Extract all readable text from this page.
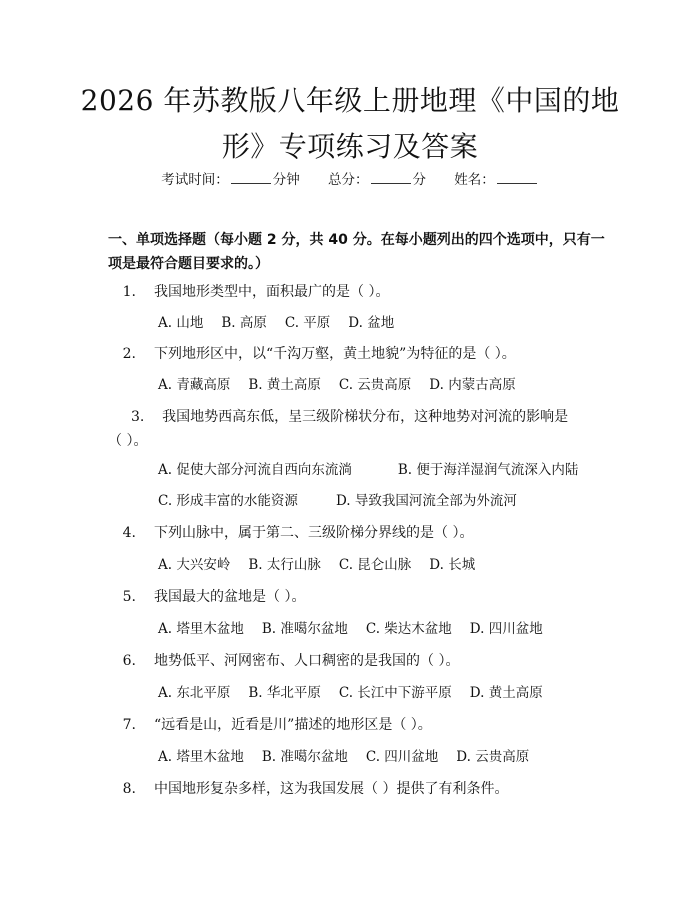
2026 年苏教版八年级上册地理《中国的地形》专项练习及答案
考试时间：	分钟 总分：	分 姓名：
一、单项选择题（每小题 2 分，共 40 分。在每小题列出的四个选项中，只有一项是最符合题目要求的。）
1. 我国地形类型中，面积最广的是（ ）。
A. 山地 B. 高原 C. 平原 D. 盆地
2. 下列地形区中，以“千沟万壑，黄土地貌”为特征的是（ ）。
A. 青藏高原 B. 黄土高原 C. 云贵高原 D. 内蒙古高原
3. 我国地势西高东低，呈三级阶梯状分布，这种地势对河流的影响是（ ）。
A. 促使大部分河流自西向东流淌	B. 便于海洋湿润气流深入内陆
C. 形成丰富的水能资源	D. 导致我国河流全部为外流河
4. 下列山脉中，属于第二、三级阶梯分界线的是（ ）。
A. 大兴安岭 B. 太行山脉 C. 昆仑山脉 D. 长城
5. 我国最大的盆地是（ ）。
A. 塔里木盆地 B. 准噶尔盆地 C. 柴达木盆地 D. 四川盆地
6. 地势低平、河网密布、人口稠密的是我国的（ ）。
A. 东北平原 B. 华北平原 C. 长江中下游平原 D. 黄土高原
7. “远看是山，近看是川”描述的地形区是（ ）。
A. 塔里木盆地 B. 准噶尔盆地 C. 四川盆地 D. 云贵高原
8. 中国地形复杂多样，这为我国发展（ ）提供了有利条件。
